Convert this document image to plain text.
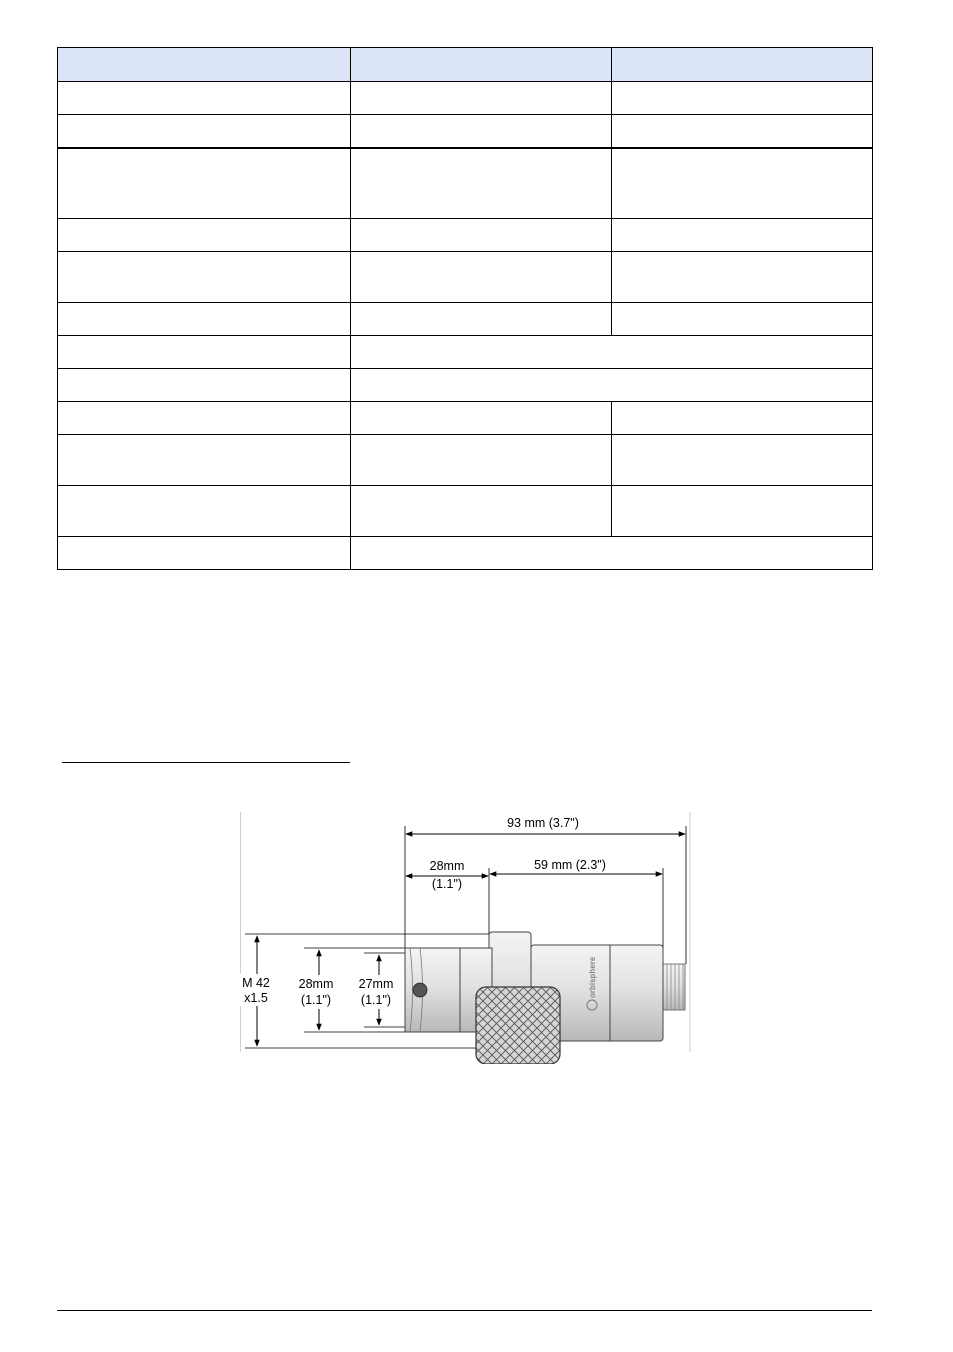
93 mm (3.7")
28mm
(1.1")
59 mm (2.3")
M 42
x1.5
28mm
(1.1")
27mm
(1.1")
orbisphere
